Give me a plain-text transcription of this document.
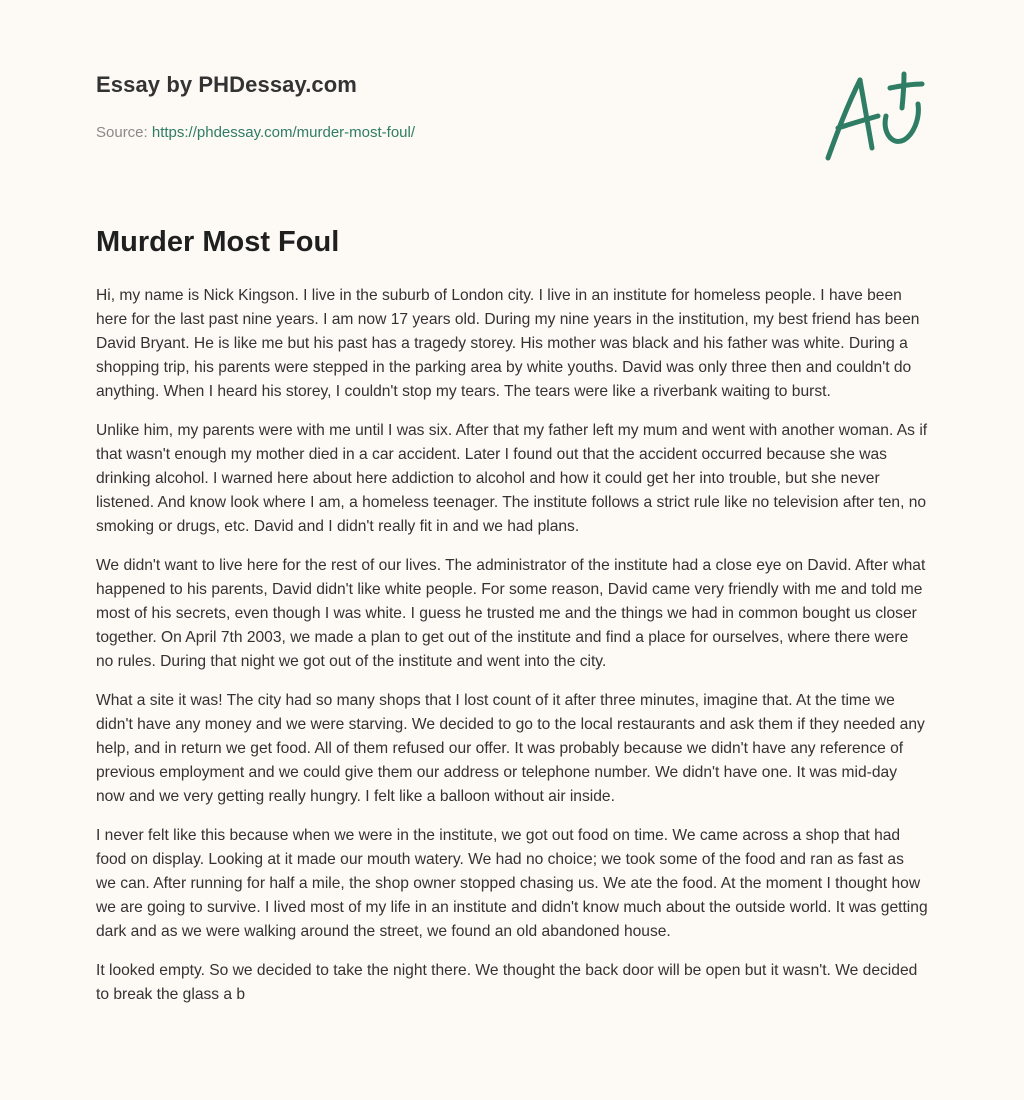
Essay by PHDessay.com
Source: https://phdessay.com/murder-most-foul/
Murder Most Foul

Hi, my name is Nick Kingson. I live in the suburb of London city. I live in an institute for homeless people. I have been here for the last past nine years. I am now 17 years old. During my nine years in the institution, my best friend has been David Bryant. He is like me but his past has a tragedy storey. His mother was black and his father was white. During a shopping trip, his parents were stepped in the parking area by white youths. David was only three then and couldn't do anything. When I heard his storey, I couldn't stop my tears. The tears were like a riverbank waiting to burst.

Unlike him, my parents were with me until I was six. After that my father left my mum and went with another woman. As if that wasn't enough my mother died in a car accident. Later I found out that the accident occurred because she was drinking alcohol. I warned here about here addiction to alcohol and how it could get her into trouble, but she never listened. And know look where I am, a homeless teenager. The institute follows a strict rule like no television after ten, no smoking or drugs, etc. David and I didn't really fit in and we had plans.

We didn't want to live here for the rest of our lives. The administrator of the institute had a close eye on David. After what happened to his parents, David didn't like white people. For some reason, David came very friendly with me and told me most of his secrets, even though I was white. I guess he trusted me and the things we had in common bought us closer together. On April 7th 2003, we made a plan to get out of the institute and find a place for ourselves, where there were no rules. During that night we got out of the institute and went into the city.

What a site it was! The city had so many shops that I lost count of it after three minutes, imagine that. At the time we didn't have any money and we were starving. We decided to go to the local restaurants and ask them if they needed any help, and in return we get food. All of them refused our offer. It was probably because we didn't have any reference of previous employment and we could give them our address or telephone number. We didn't have one. It was mid-day now and we very getting really hungry. I felt like a balloon without air inside.

I never felt like this because when we were in the institute, we got out food on time. We came across a shop that had food on display. Looking at it made our mouth watery. We had no choice; we took some of the food and ran as fast as we can. After running for half a mile, the shop owner stopped chasing us. We ate the food. At the moment I thought how we are going to survive. I lived most of my life in an institute and didn't know much about the outside world. It was getting dark and as we were walking around the street, we found an old abandoned house.

It looked empty. So we decided to take the night there. We thought the back door will be open but it wasn't. We decided to break the glass a b
